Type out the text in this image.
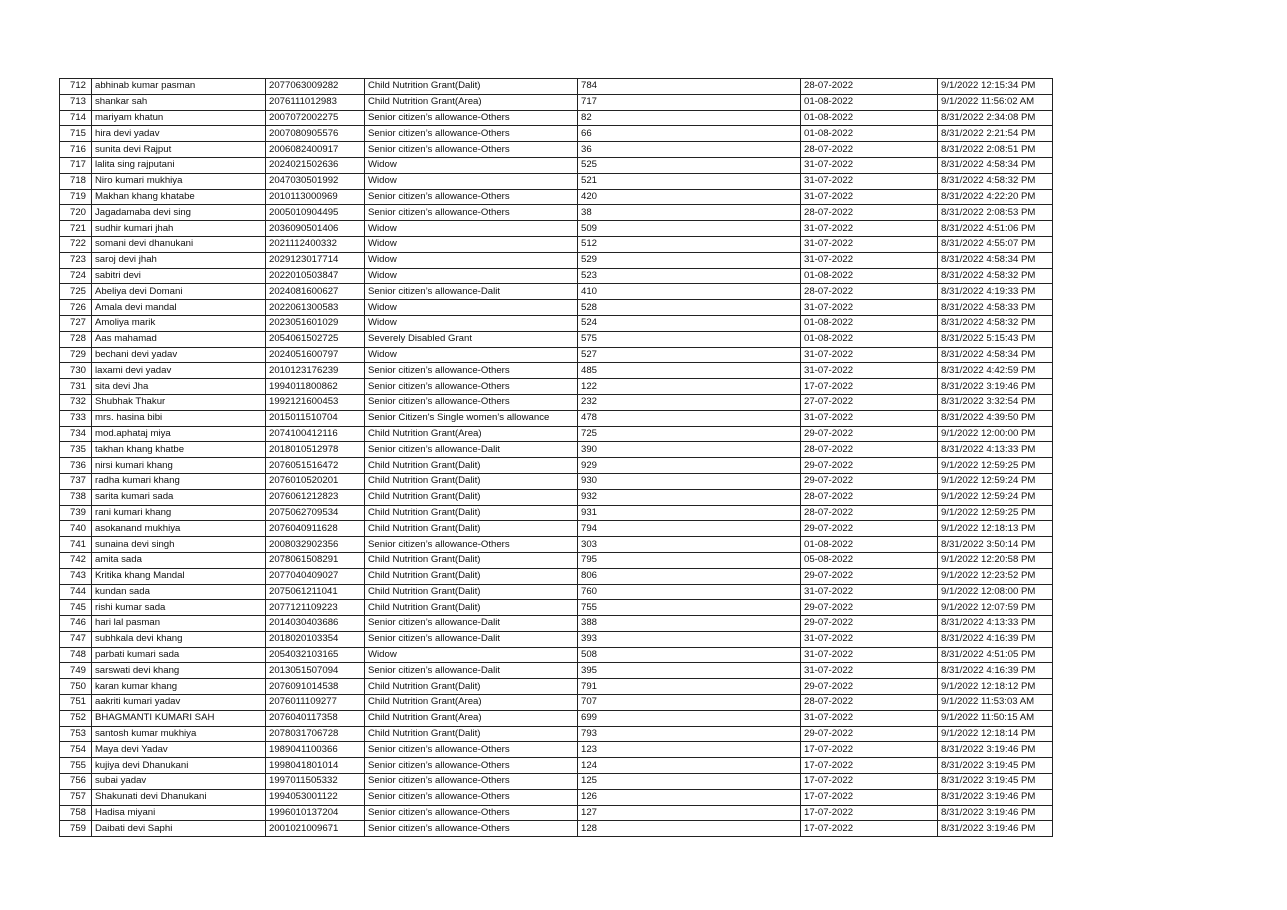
712	abhinab kumar pasman	2077063009282	Child Nutrition Grant(Dalit)	784	28-07-2022	9/1/2022 12:15:34 PM
713	shankar sah	2076111012983	Child Nutrition Grant(Area)	717	01-08-2022	9/1/2022 11:56:02 AM
714	mariyam khatun	2007072002275	Senior citizen’s allowance-Others	82	01-08-2022	8/31/2022 2:34:08 PM
715	hira devi yadav	2007080905576	Senior citizen’s allowance-Others	66	01-08-2022	8/31/2022 2:21:54 PM
716	sunita devi Rajput	2006082400917	Senior citizen’s allowance-Others	36	28-07-2022	8/31/2022 2:08:51 PM
717	lalita sing rajputani	2024021502636	Widow	525	31-07-2022	8/31/2022 4:58:34 PM
718	Niro kumari mukhiya	2047030501992	Widow	521	31-07-2022	8/31/2022 4:58:32 PM
719	Makhan khang khatabe	2010113000969	Senior citizen’s allowance-Others	420	31-07-2022	8/31/2022 4:22:20 PM
720	Jagadamaba devi sing	2005010904495	Senior citizen’s allowance-Others	38	28-07-2022	8/31/2022 2:08:53 PM
721	sudhir kumari jhah	2036090501406	Widow	509	31-07-2022	8/31/2022 4:51:06 PM
722	somani devi dhanukani	2021112400332	Widow	512	31-07-2022	8/31/2022 4:55:07 PM
723	saroj devi jhah	2029123017714	Widow	529	31-07-2022	8/31/2022 4:58:34 PM
724	sabitri devi	2022010503847	Widow	523	01-08-2022	8/31/2022 4:58:32 PM
725	Abeliya devi Domani	2024081600627	Senior citizen’s allowance-Dalit	410	28-07-2022	8/31/2022 4:19:33 PM
726	Amala devi mandal	2022061300583	Widow	528	31-07-2022	8/31/2022 4:58:33 PM
727	Amoliya marik	2023051601029	Widow	524	01-08-2022	8/31/2022 4:58:32 PM
728	Aas mahamad	2054061502725	Severely Disabled Grant	575	01-08-2022	8/31/2022 5:15:43 PM
729	bechani devi yadav	2024051600797	Widow	527	31-07-2022	8/31/2022 4:58:34 PM
730	laxami devi yadav	2010123176239	Senior citizen’s allowance-Others	485	31-07-2022	8/31/2022 4:42:59 PM
731	sita devi Jha	1994011800862	Senior citizen’s allowance-Others	122	17-07-2022	8/31/2022 3:19:46 PM
732	Shubhak Thakur	1992121600453	Senior citizen’s allowance-Others	232	27-07-2022	8/31/2022 3:32:54 PM
733	mrs. hasina bibi	2015011510704	Senior Citizen's Single women’s allowance	478	31-07-2022	8/31/2022 4:39:50 PM
734	mod.aphataj miya	2074100412116	Child Nutrition Grant(Area)	725	29-07-2022	9/1/2022 12:00:00 PM
735	takhan khang khatbe	2018010512978	Senior citizen’s allowance-Dalit	390	28-07-2022	8/31/2022 4:13:33 PM
736	nirsi kumari khang	2076051516472	Child Nutrition Grant(Dalit)	929	29-07-2022	9/1/2022 12:59:25 PM
737	radha kumari khang	2076010520201	Child Nutrition Grant(Dalit)	930	29-07-2022	9/1/2022 12:59:24 PM
738	sarita kumari sada	2076061212823	Child Nutrition Grant(Dalit)	932	28-07-2022	9/1/2022 12:59:24 PM
739	rani kumari khang	2075062709534	Child Nutrition Grant(Dalit)	931	28-07-2022	9/1/2022 12:59:25 PM
740	asokanand mukhiya	2076040911628	Child Nutrition Grant(Dalit)	794	29-07-2022	9/1/2022 12:18:13 PM
741	sunaina devi singh	2008032902356	Senior citizen’s allowance-Others	303	01-08-2022	8/31/2022 3:50:14 PM
742	amita sada	2078061508291	Child Nutrition Grant(Dalit)	795	05-08-2022	9/1/2022 12:20:58 PM
743	Kritika khang Mandal	2077040409027	Child Nutrition Grant(Dalit)	806	29-07-2022	9/1/2022 12:23:52 PM
744	kundan sada	2075061211041	Child Nutrition Grant(Dalit)	760	31-07-2022	9/1/2022 12:08:00 PM
745	rishi kumar sada	2077121109223	Child Nutrition Grant(Dalit)	755	29-07-2022	9/1/2022 12:07:59 PM
746	hari lal pasman	2014030403686	Senior citizen’s allowance-Dalit	388	29-07-2022	8/31/2022 4:13:33 PM
747	subhkala devi khang	2018020103354	Senior citizen’s allowance-Dalit	393	31-07-2022	8/31/2022 4:16:39 PM
748	parbati kumari sada	2054032103165	Widow	508	31-07-2022	8/31/2022 4:51:05 PM
749	sarswati devi khang	2013051507094	Senior citizen’s allowance-Dalit	395	31-07-2022	8/31/2022 4:16:39 PM
750	karan kumar khang	2076091014538	Child Nutrition Grant(Dalit)	791	29-07-2022	9/1/2022 12:18:12 PM
751	aakriti kumari yadav	2076011109277	Child Nutrition Grant(Area)	707	28-07-2022	9/1/2022 11:53:03 AM
752	BHAGMANTI KUMARI SAH	2076040117358	Child Nutrition Grant(Area)	699	31-07-2022	9/1/2022 11:50:15 AM
753	santosh kumar mukhiya	2078031706728	Child Nutrition Grant(Dalit)	793	29-07-2022	9/1/2022 12:18:14 PM
754	Maya devi Yadav	1989041100366	Senior citizen’s allowance-Others	123	17-07-2022	8/31/2022 3:19:46 PM
755	kujiya devi Dhanukani	1998041801014	Senior citizen’s allowance-Others	124	17-07-2022	8/31/2022 3:19:45 PM
756	subai yadav	1997011505332	Senior citizen’s allowance-Others	125	17-07-2022	8/31/2022 3:19:45 PM
757	Shakunati devi Dhanukani	1994053001122	Senior citizen’s allowance-Others	126	17-07-2022	8/31/2022 3:19:46 PM
758	Hadisa miyani	1996010137204	Senior citizen’s allowance-Others	127	17-07-2022	8/31/2022 3:19:46 PM
759	Daibati devi Saphi	2001021009671	Senior citizen’s allowance-Others	128	17-07-2022	8/31/2022 3:19:46 PM
